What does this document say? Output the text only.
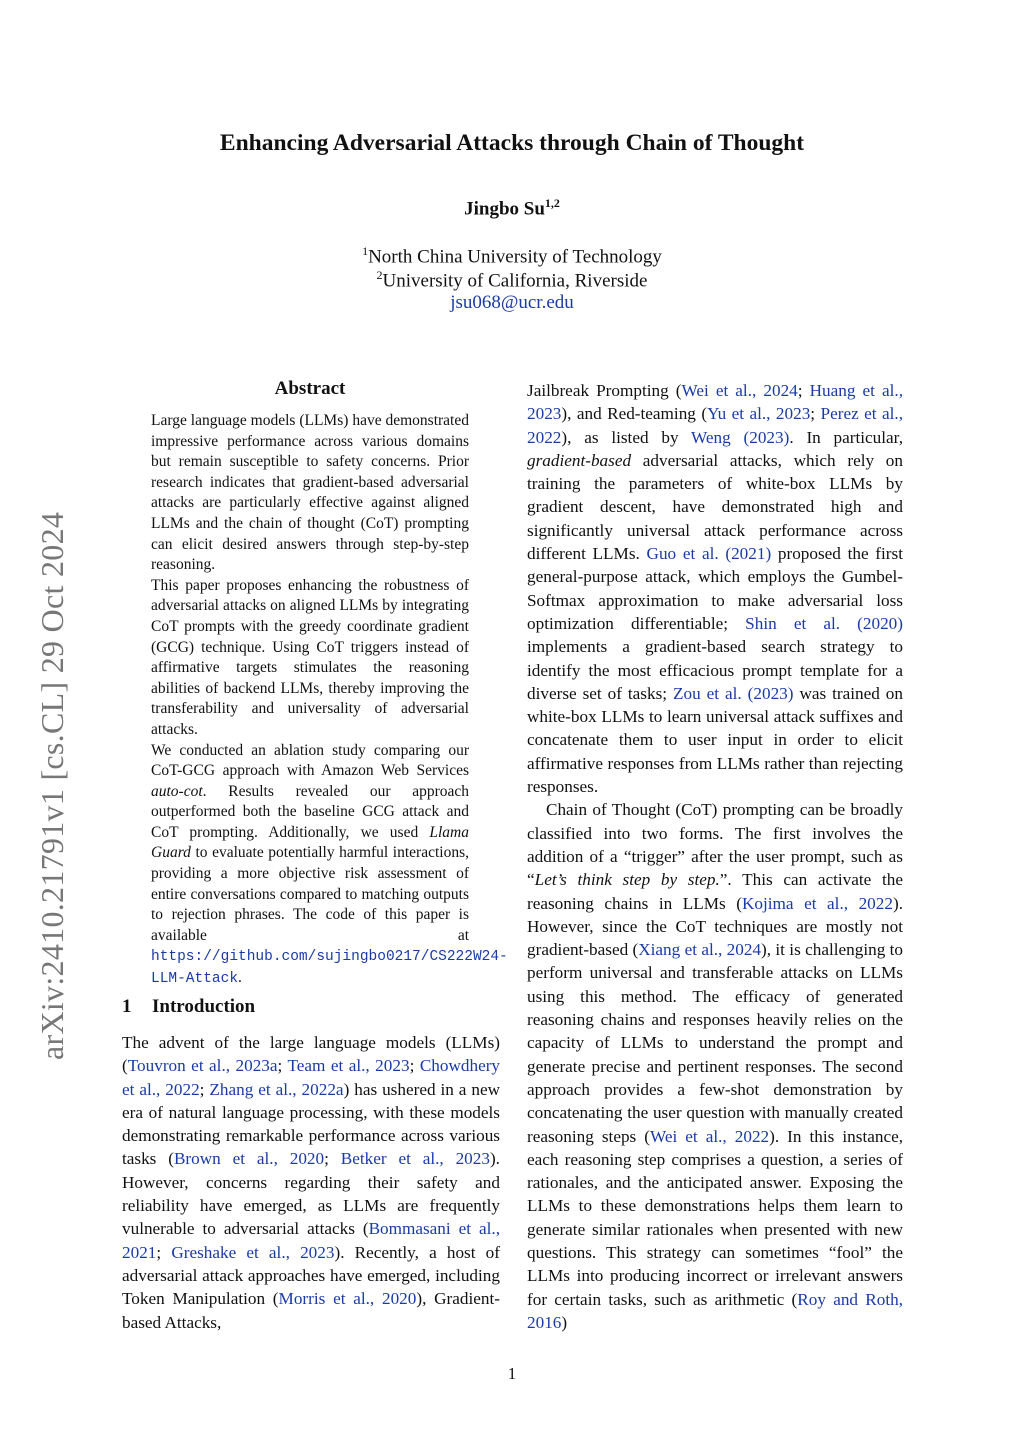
Enhancing Adversarial Attacks through Chain of Thought
Jingbo Su$^{1,2}$
$^1$North China University of Technology
$^2$University of California, Riverside
jsu068@ucr.edu
arXiv:2410.21791v1 [cs.CL] 29 Oct 2024
Abstract

Large language models (LLMs) have demonstrated impressive performance across various domains but remain susceptible to safety concerns. Prior research indicates that gradient-based adversarial attacks are particularly effective against aligned LLMs and the chain of thought (CoT) prompting can elicit desired answers through step-by-step reasoning.

This paper proposes enhancing the robustness of adversarial attacks on aligned LLMs by integrating CoT prompts with the greedy coordinate gradient (GCG) technique. Using CoT triggers instead of affirmative targets stimulates the reasoning abilities of backend LLMs, thereby improving the transferability and universality of adversarial attacks.

We conducted an ablation study comparing our CoT-GCG approach with Amazon Web Services auto-cot. Results revealed our approach outperformed both the baseline GCG attack and CoT prompting. Additionally, we used Llama Guard to evaluate potentially harmful interactions, providing a more objective risk assessment of entire conversations compared to matching outputs to rejection phrases. The code of this paper is available at https://github.com/sujingbo0217/CS222W24-LLM-Attack.

1 Introduction

The advent of the large language models (LLMs) (Touvron et al., 2023a; Team et al., 2023; Chowdhery et al., 2022; Zhang et al., 2022a) has ushered in a new era of natural language processing, with these models demonstrating remarkable performance across various tasks (Brown et al., 2020; Betker et al., 2023). However, concerns regarding their safety and reliability have emerged, as LLMs are frequently vulnerable to adversarial attacks (Bommasani et al., 2021; Greshake et al., 2023). Recently, a host of adversarial attack approaches have emerged, including Token Manipulation (Morris et al., 2020), Gradient-based Attacks,

Jailbreak Prompting (Wei et al., 2024; Huang et al., 2023), and Red-teaming (Yu et al., 2023; Perez et al., 2022), as listed by Weng (2023). In particular, gradient-based adversarial attacks, which rely on training the parameters of white-box LLMs by gradient descent, have demonstrated high and significantly universal attack performance across different LLMs. Guo et al. (2021) proposed the first general-purpose attack, which employs the Gumbel-Softmax approximation to make adversarial loss optimization differentiable; Shin et al. (2020) implements a gradient-based search strategy to identify the most efficacious prompt template for a diverse set of tasks; Zou et al. (2023) was trained on white-box LLMs to learn universal attack suffixes and concatenate them to user input in order to elicit affirmative responses from LLMs rather than rejecting responses.

Chain of Thought (CoT) prompting can be broadly classified into two forms. The first involves the addition of a “trigger” after the user prompt, such as “Let’s think step by step.”. This can activate the reasoning chains in LLMs (Kojima et al., 2022). However, since the CoT techniques are mostly not gradient-based (Xiang et al., 2024), it is challenging to perform universal and transferable attacks on LLMs using this method. The efficacy of generated reasoning chains and responses heavily relies on the capacity of LLMs to understand the prompt and generate precise and pertinent responses. The second approach provides a few-shot demonstration by concatenating the user question with manually created reasoning steps (Wei et al., 2022). In this instance, each reasoning step comprises a question, a series of rationales, and the anticipated answer. Exposing the LLMs to these demonstrations helps them learn to generate similar rationales when presented with new questions. This strategy can sometimes “fool” the LLMs into producing incorrect or irrelevant answers for certain tasks, such as arithmetic (Roy and Roth, 2016)

1
